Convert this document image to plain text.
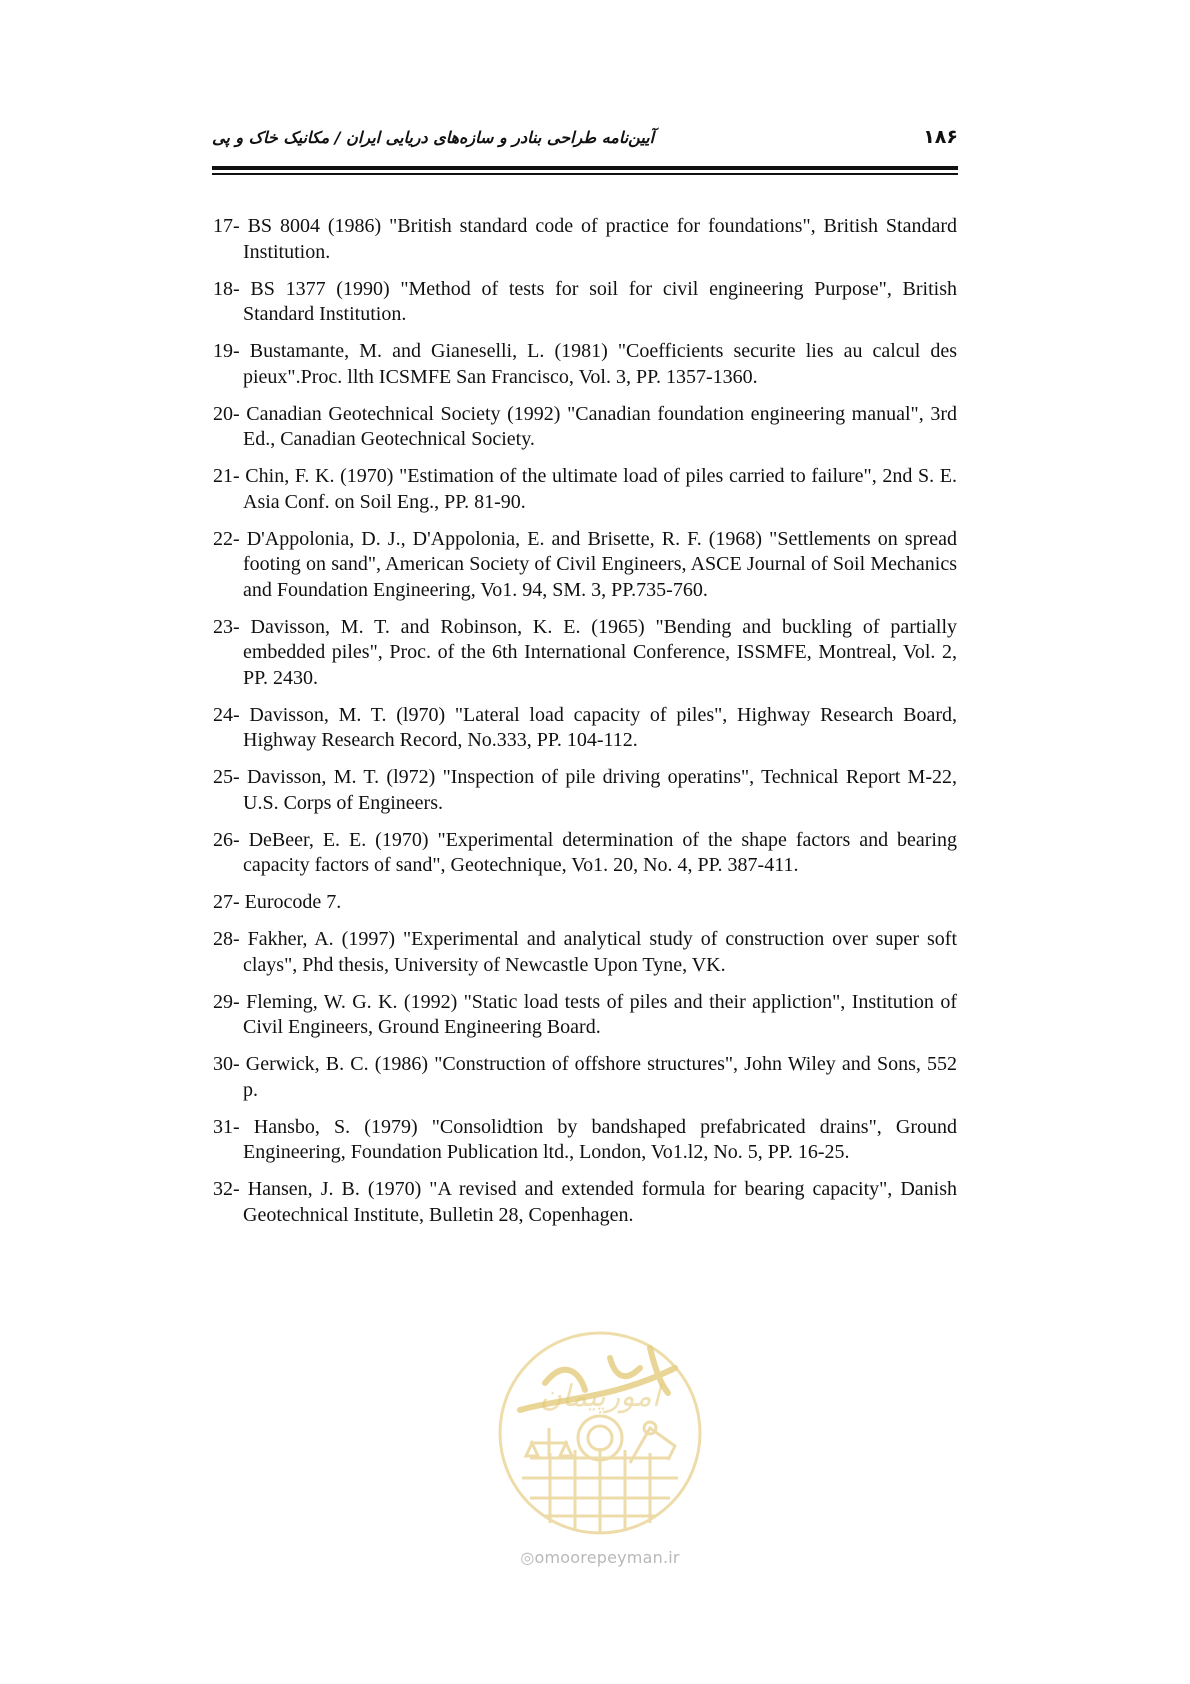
آیین‌نامه طراحی بنادر و سازه‌های دریایی ایران / مکانیک خاک و پی	۱۸۶
17- BS 8004 (1986) "British standard code of practice for foundations", British Standard Institution.
18- BS 1377 (1990) "Method of tests for soil for civil engineering Purpose", British Standard Institution.
19- Bustamante, M. and Gianeselli, L. (1981) "Coefficients securite lies au calcul des pieux".Proc. llth ICSMFE San Francisco, Vol. 3, PP. 1357-1360.
20- Canadian Geotechnical Society (1992) "Canadian foundation engineering manual", 3rd Ed., Canadian Geotechnical Society.
21- Chin, F. K. (1970) "Estimation of the ultimate load of piles carried to failure", 2nd S. E. Asia Conf. on Soil Eng., PP. 81-90.
22- D'Appolonia, D. J., D'Appolonia, E. and Brisette, R. F. (1968) "Settlements on spread footing on sand", American Society of Civil Engineers, ASCE Journal of Soil Mechanics and Foundation Engineering, Vo1. 94, SM. 3, PP.735-760.
23- Davisson, M. T. and Robinson, K. E. (1965) "Bending and buckling of partially embedded piles", Proc. of the 6th International Conference, ISSMFE, Montreal, Vol. 2, PP. 2430.
24- Davisson, M. T. (l970) "Lateral load capacity of piles", Highway Research Board, Highway Research Record, No.333, PP. 104-112.
25- Davisson, M. T. (l972) "Inspection of pile driving operatins", Technical Report M-22, U.S. Corps of Engineers.
26- DeBeer, E. E. (1970) "Experimental determination of the shape factors and bearing capacity factors of sand", Geotechnique, Vo1. 20, No. 4, PP. 387-411.
27- Eurocode 7.
28- Fakher, A. (1997) "Experimental and analytical study of construction over super soft clays", Phd thesis, University of Newcastle Upon Tyne, VK.
29- Fleming, W. G. K. (1992) "Static load tests of piles and their appliction", Institution of Civil Engineers, Ground Engineering Board.
30- Gerwick, B. C. (1986) "Construction of offshore structures", John Wiley and Sons, 552 p.
31- Hansbo, S. (1979) "Consolidtion by bandshaped prefabricated drains", Ground Engineering, Foundation Publication ltd., London, Vo1.l2, No. 5, PP. 16-25.
32- Hansen, J. B. (1970) "A revised and extended formula for bearing capacity", Danish Geotechnical Institute, Bulletin 28, Copenhagen.
امورپیمان
◎omoorepeyman.ir
